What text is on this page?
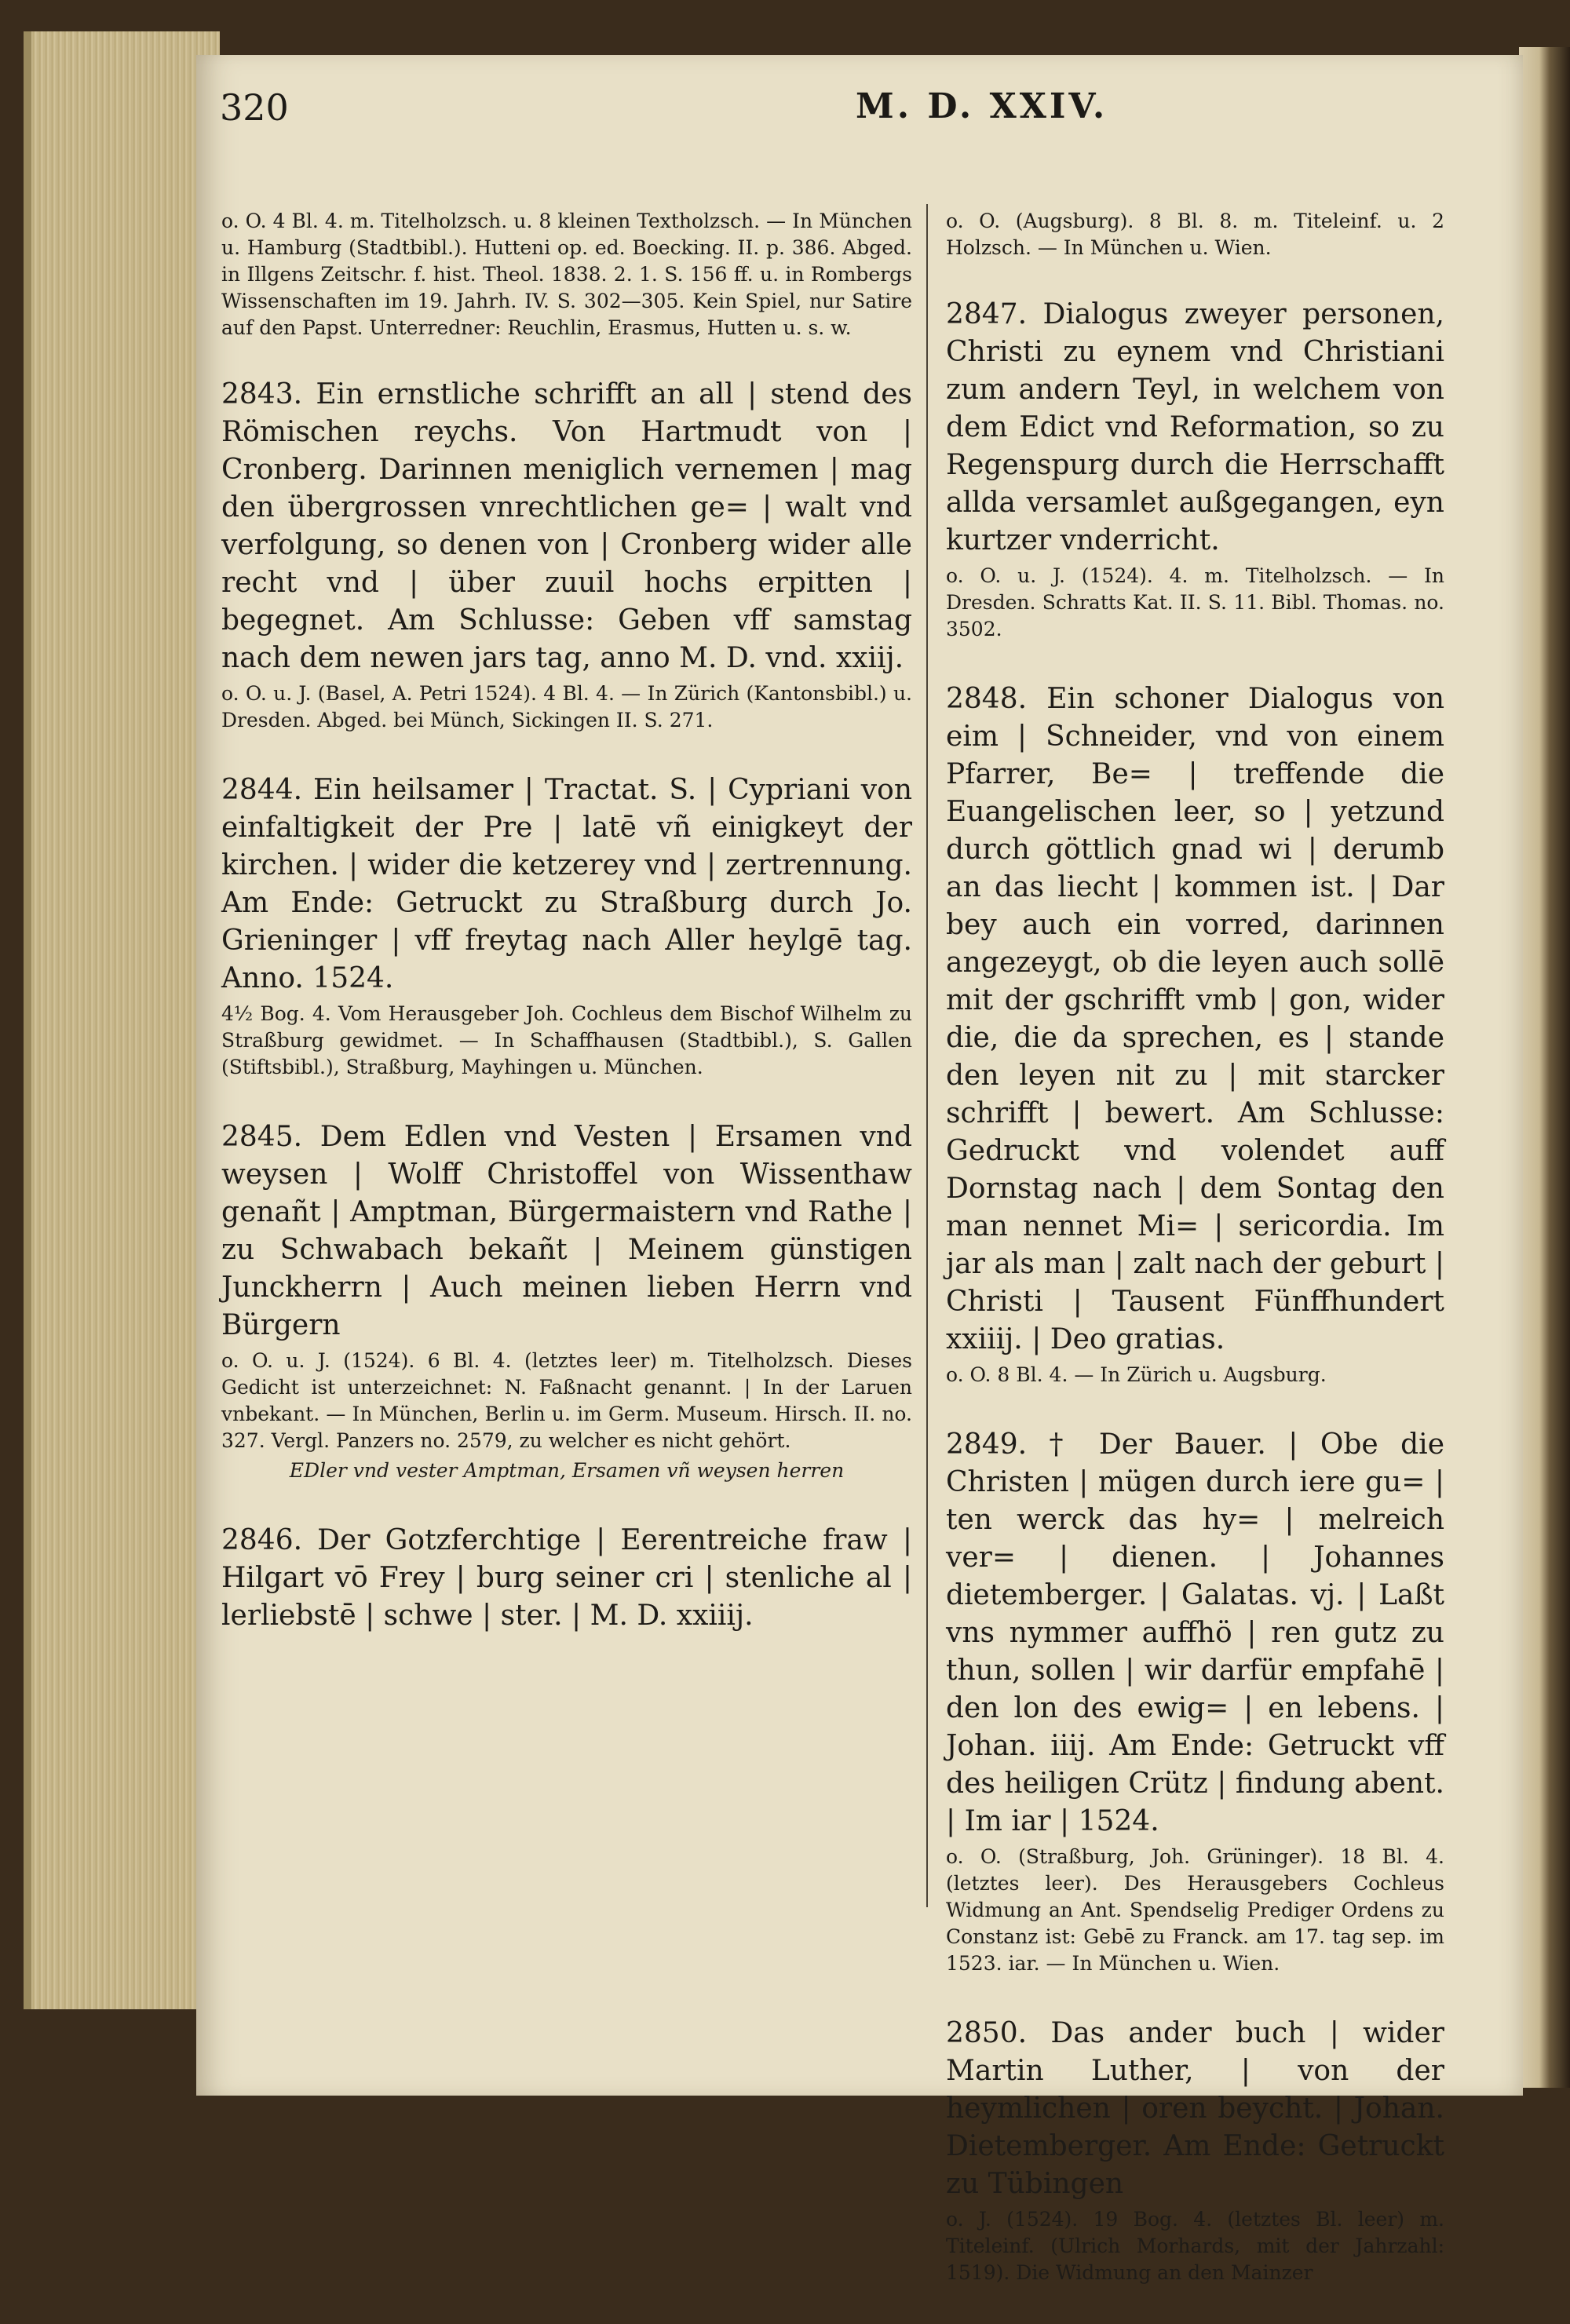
320	M. D. XXIV.

o. O. 4 Bl. 4. m. Titelholzsch. u. 8 kleinen Textholzsch. — In München u. Hamburg (Stadtbibl.). Hutteni op. ed. Boecking. II. p. 386. Abged. in Illgens Zeitschr. f. hist. Theol. 1838. 2. 1. S. 156 ff. u. in Rombergs Wissenschaften im 19. Jahrh. IV. S. 302—305. Kein Spiel, nur Satire auf den Papst. Unterredner: Reuchlin, Erasmus, Hutten u. s. w.

2843. Ein ernstliche schrifft an all | stend des Römischen reychs. Von Hartmudt von | Cronberg. Darinnen meniglich vernemen | mag den übergrossen vnrechtlichen ge= | walt vnd verfolgung, so denen von | Cronberg wider alle recht vnd | über zuuil hochs erpitten | begegnet. Am Schlusse: Geben vff samstag nach dem newen jars tag, anno M. D. vnd. xxiij.

o. O. u. J. (Basel, A. Petri 1524). 4 Bl. 4. — In Zürich (Kantonsbibl.) u. Dresden. Abged. bei Münch, Sickingen II. S. 271.

2844. Ein heilsamer | Tractat. S. | Cypriani von einfaltigkeit der Pre | latē vñ einigkeyt der kirchen. | wider die ketzerey vnd | zertrennung. Am Ende: Getruckt zu Straßburg durch Jo. Grieninger | vff freytag nach Aller heylgē tag. Anno. 1524.

4½ Bog. 4. Vom Herausgeber Joh. Cochleus dem Bischof Wilhelm zu Straßburg gewidmet. — In Schaffhausen (Stadtbibl.), S. Gallen (Stiftsbibl.), Straßburg, Mayhingen u. München.

2845. Dem Edlen vnd Vesten | Ersamen vnd weysen | Wolff Christoffel von Wissenthaw genañt | Amptman, Bürgermaistern vnd Rathe | zu Schwabach bekañt | Meinem günstigen Junckherrn | Auch meinen lieben Herrn vnd Bürgern

o. O. u. J. (1524). 6 Bl. 4. (letztes leer) m. Titelholzsch. Dieses Gedicht ist unterzeichnet: N. Faßnacht genannt. | In der Laruen vnbekant. — In München, Berlin u. im Germ. Museum. Hirsch. II. no. 327. Vergl. Panzers no. 2579, zu welcher es nicht gehört.

EDler vnd vester Amptman, Ersamen vñ weysen herren

2846. Der Gotzferchtige | Eerentreiche fraw | Hilgart vō Frey | burg seiner cri | stenliche al | lerliebstē | schwe | ster. | M. D. xxiiij.

o. O. (Augsburg). 8 Bl. 8. m. Titeleinf. u. 2 Holzsch. — In München u. Wien.

2847. Dialogus zweyer personen, Christi zu eynem vnd Christiani zum andern Teyl, in welchem von dem Edict vnd Reformation, so zu Regenspurg durch die Herrschafft allda versamlet außgegangen, eyn kurtzer vnderricht.

o. O. u. J. (1524). 4. m. Titelholzsch. — In Dresden. Schratts Kat. II. S. 11. Bibl. Thomas. no. 3502.

2848. Ein schoner Dialogus von eim | Schneider, vnd von einem Pfarrer, Be= | treffende die Euangelischen leer, so | yetzund durch göttlich gnad wi | derumb an das liecht | kommen ist. | Dar bey auch ein vorred, darinnen angezeygt, ob die leyen auch sollē mit der gschrifft vmb | gon, wider die, die da sprechen, es | stande den leyen nit zu | mit starcker schrifft | bewert. Am Schlusse: Gedruckt vnd volendet auff Dornstag nach | dem Sontag den man nennet Mi= | sericordia. Im jar als man | zalt nach der geburt | Christi | Tausent Fünffhundert xxiiij. | Deo gratias.

o. O. 8 Bl. 4. — In Zürich u. Augsburg.

2849. † Der Bauer. | Obe die Christen | mügen durch iere gu= | ten werck das hy= | melreich ver= | dienen. | Johannes dietemberger. | Galatas. vj. | Laßt vns nymmer auffhö | ren gutz zu thun, sollen | wir darfür empfahē | den lon des ewig= | en lebens. | Johan. iiij. Am Ende: Getruckt vff des heiligen Crütz | findung abent. | Im iar | 1524.

o. O. (Straßburg, Joh. Grüninger). 18 Bl. 4. (letztes leer). Des Herausgebers Cochleus Widmung an Ant. Spendselig Prediger Ordens zu Constanz ist: Gebē zu Franck. am 17. tag sep. im 1523. iar. — In München u. Wien.

2850. Das ander buch | wider Martin Luther, | von der heymlichen | oren beycht. | Johan. Dietemberger. Am Ende: Getruckt zu Tübingen

o. J. (1524). 19 Bog. 4. (letztes Bl. leer) m. Titeleinf. (Ulrich Morhards, mit der Jahrzahl: 1519). Die Widmung an den Mainzer
